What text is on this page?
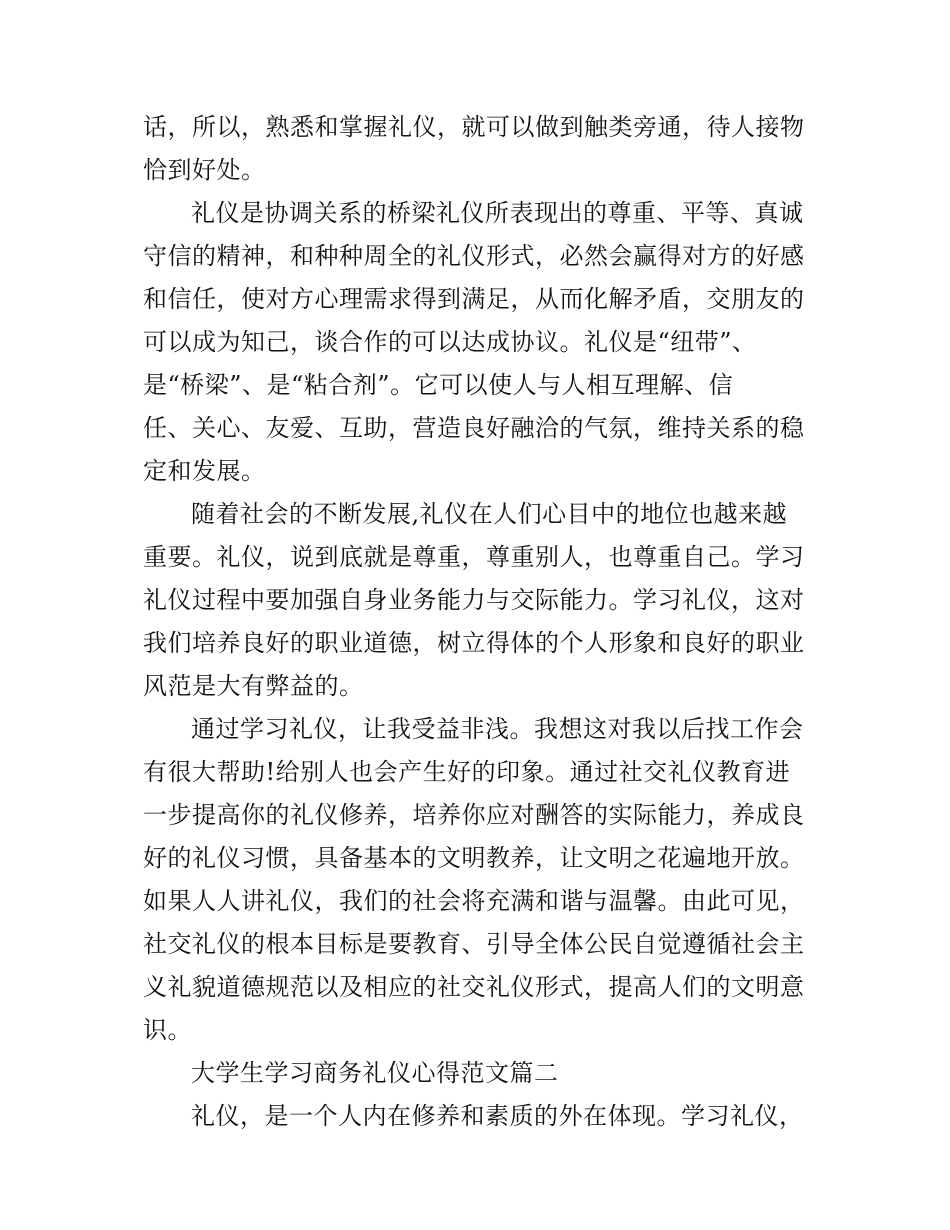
话，所以，熟悉和掌握礼仪，就可以做到触类旁通，待人接物
恰到好处。
礼仪是协调关系的桥梁礼仪所表现出的尊重、平等、真诚
守信的精神，和种种周全的礼仪形式，必然会赢得对方的好感
和信任，使对方心理需求得到满足，从而化解矛盾，交朋友的
可以成为知己，谈合作的可以达成协议。礼仪是“纽带”、
是“桥梁”、是“粘合剂”。它可以使人与人相互理解、信
任、关心、友爱、互助，营造良好融洽的气氛，维持关系的稳
定和发展。
随着社会的不断发展,礼仪在人们心目中的地位也越来越
重要。礼仪，说到底就是尊重，尊重别人，也尊重自己。学习
礼仪过程中要加强自身业务能力与交际能力。学习礼仪，这对
我们培养良好的职业道德，树立得体的个人形象和良好的职业
风范是大有弊益的。
通过学习礼仪，让我受益非浅。我想这对我以后找工作会
有很大帮助!给别人也会产生好的印象。通过社交礼仪教育进
一步提高你的礼仪修养，培养你应对酬答的实际能力，养成良
好的礼仪习惯，具备基本的文明教养，让文明之花遍地开放。
如果人人讲礼仪，我们的社会将充满和谐与温馨。由此可见，
社交礼仪的根本目标是要教育、引导全体公民自觉遵循社会主
义礼貌道德规范以及相应的社交礼仪形式，提高人们的文明意
识。
大学生学习商务礼仪心得范文篇二
礼仪，是一个人内在修养和素质的外在体现。学习礼仪，
